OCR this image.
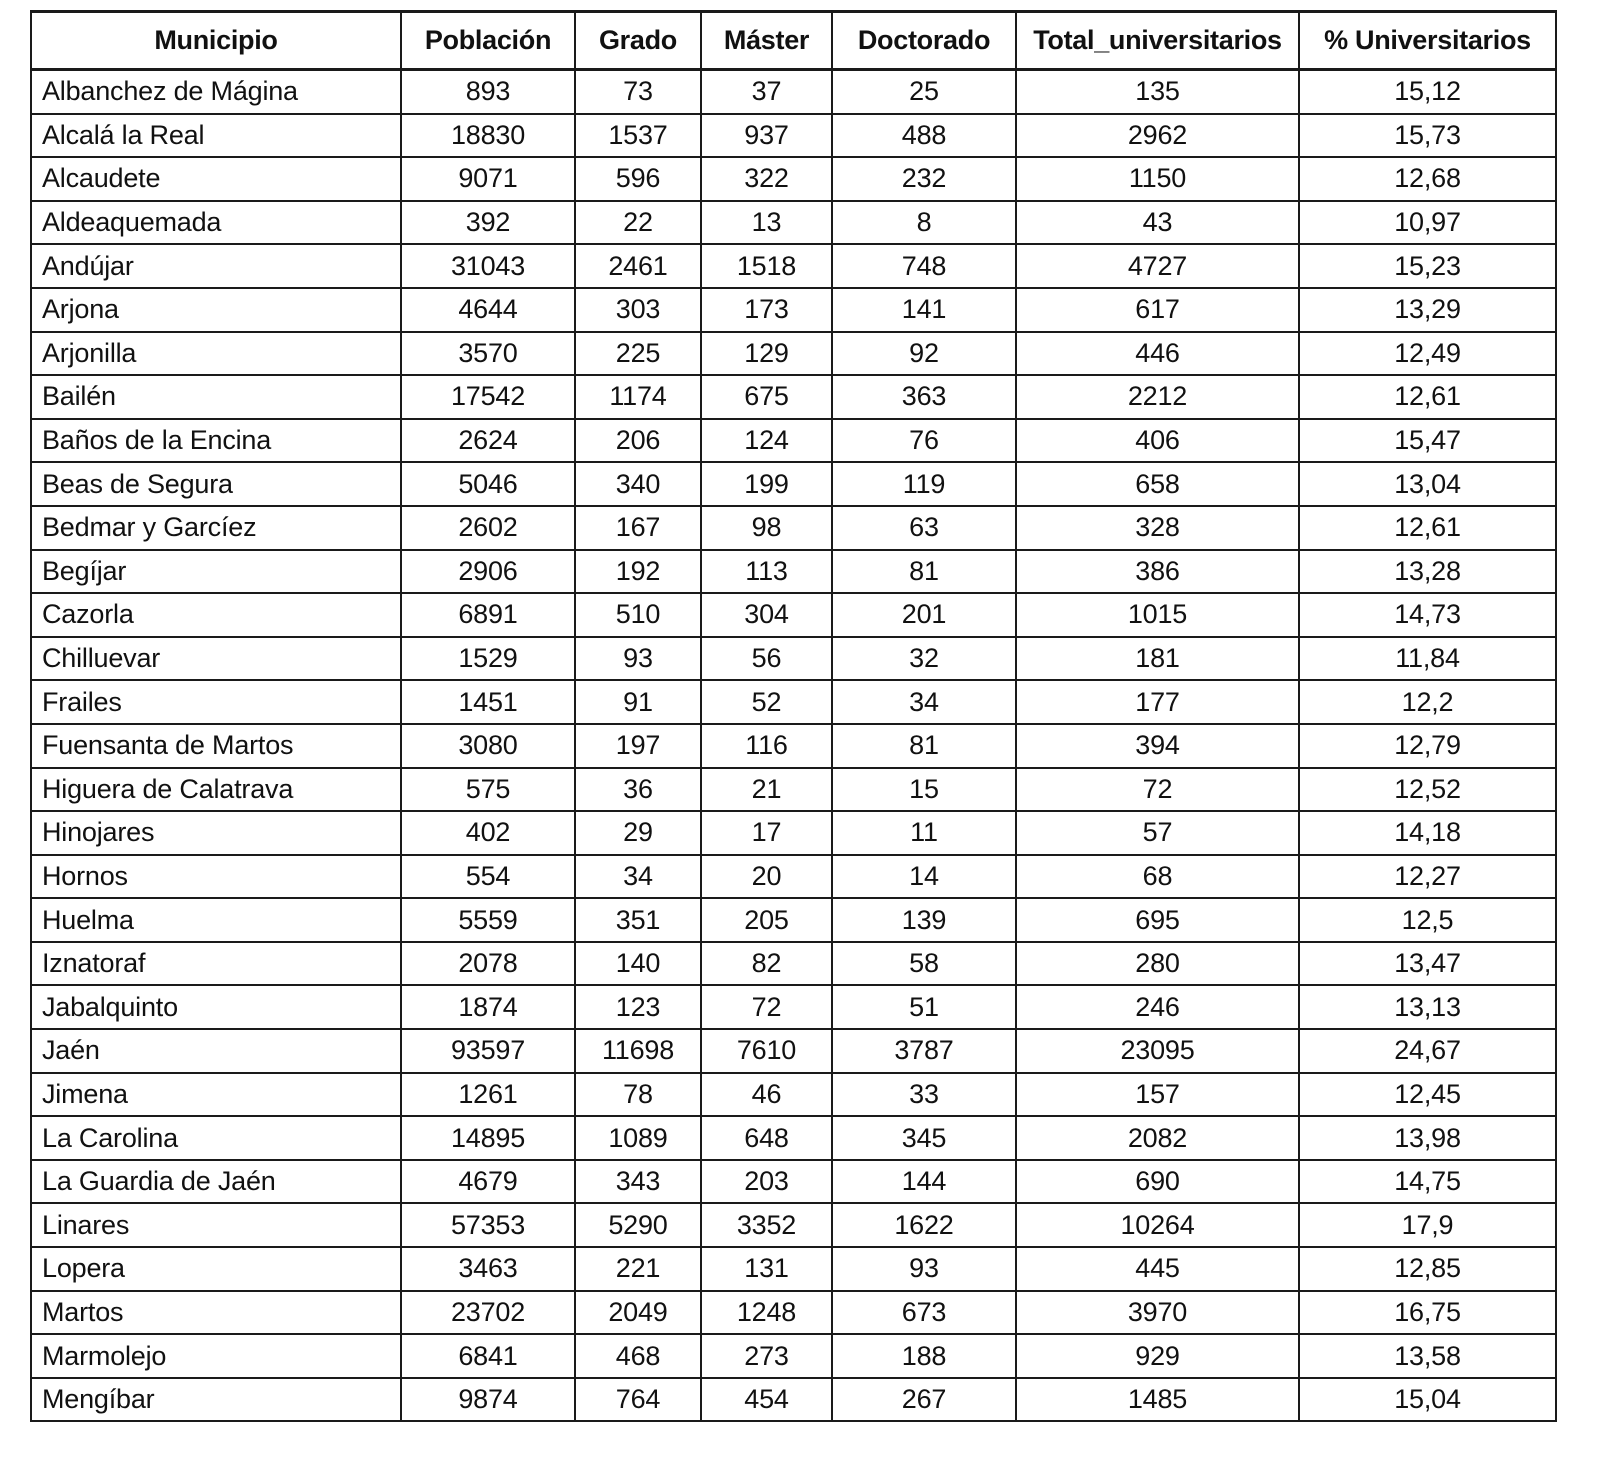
Municipio	Población	Grado	Máster	Doctorado	Total_universitarios	% Universitarios
Albanchez de Mágina	893	73	37	25	135	15,12
Alcalá la Real	18830	1537	937	488	2962	15,73
Alcaudete	9071	596	322	232	1150	12,68
Aldeaquemada	392	22	13	8	43	10,97
Andújar	31043	2461	1518	748	4727	15,23
Arjona	4644	303	173	141	617	13,29
Arjonilla	3570	225	129	92	446	12,49
Bailén	17542	1174	675	363	2212	12,61
Baños de la Encina	2624	206	124	76	406	15,47
Beas de Segura	5046	340	199	119	658	13,04
Bedmar y Garcíez	2602	167	98	63	328	12,61
Begíjar	2906	192	113	81	386	13,28
Cazorla	6891	510	304	201	1015	14,73
Chilluevar	1529	93	56	32	181	11,84
Frailes	1451	91	52	34	177	12,2
Fuensanta de Martos	3080	197	116	81	394	12,79
Higuera de Calatrava	575	36	21	15	72	12,52
Hinojares	402	29	17	11	57	14,18
Hornos	554	34	20	14	68	12,27
Huelma	5559	351	205	139	695	12,5
Iznatoraf	2078	140	82	58	280	13,47
Jabalquinto	1874	123	72	51	246	13,13
Jaén	93597	11698	7610	3787	23095	24,67
Jimena	1261	78	46	33	157	12,45
La Carolina	14895	1089	648	345	2082	13,98
La Guardia de Jaén	4679	343	203	144	690	14,75
Linares	57353	5290	3352	1622	10264	17,9
Lopera	3463	221	131	93	445	12,85
Martos	23702	2049	1248	673	3970	16,75
Marmolejo	6841	468	273	188	929	13,58
Mengíbar	9874	764	454	267	1485	15,04
